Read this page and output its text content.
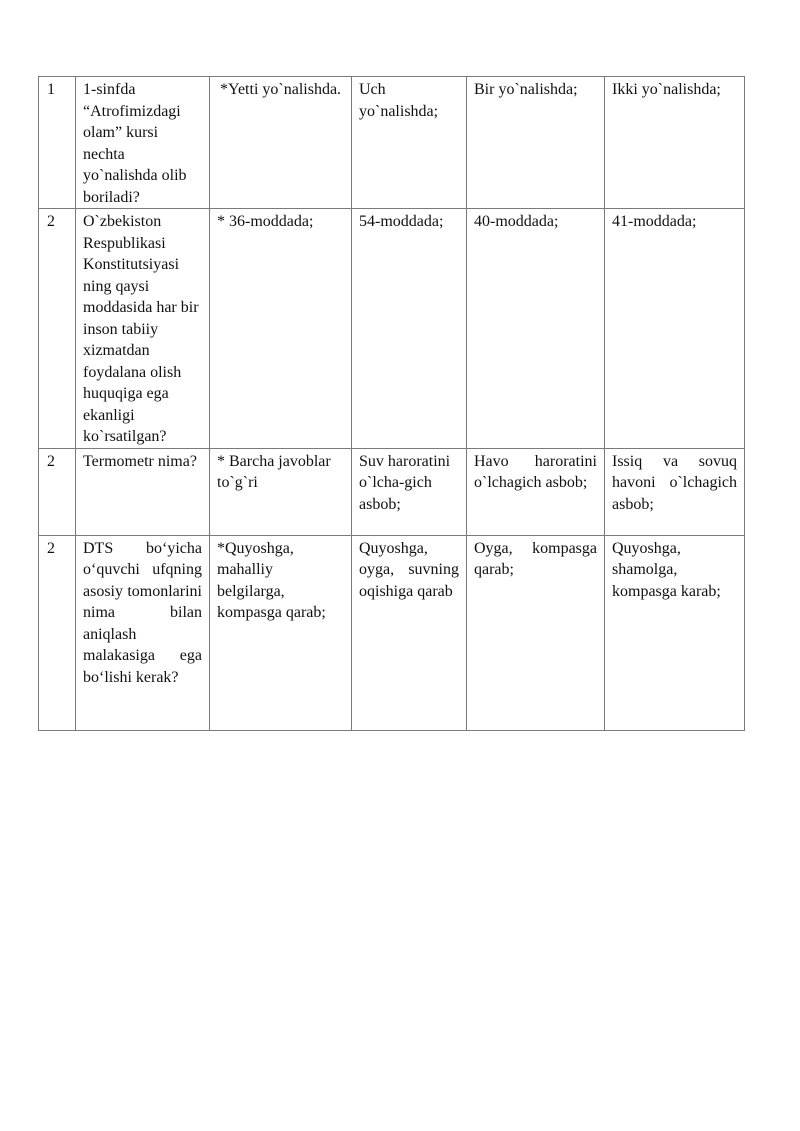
1	1-sinfda “Atrofimizdagi olam” kursi nechta yo`nalishda olib boriladi?	*Yetti yo`nalishda.	Uch yo`nalishda;	Bir yo`nalishda;	Ikki yo`nalishda;
2	O`zbekiston Respublikasi Konstitutsiyasi ning qaysi moddasida har bir inson tabiiy xizmatdan foydalana olish huquqiga ega ekanligi ko`rsatilgan?	* 36-moddada;	54-moddada;	40-moddada;	41-moddada;
2	Termometr nima?	* Barcha javoblar to`g`ri	Suv haroratini o`lcha-gich asbob;	Havo haroratini o`lchagich asbob;	Issiq va sovuq havoni o`lchagich asbob;
2	DTS bo‘yicha o‘quvchi ufqning asosiy tomonlarini nima bilan aniqlash malakasiga ega bo‘lishi kerak?	*Quyoshga, mahalliy belgilarga, kompasga qarab;	Quyoshga, oyga, suvning oqishiga qarab	Oyga, kompasga qarab;	Quyoshga, shamolga, kompasga karab;
